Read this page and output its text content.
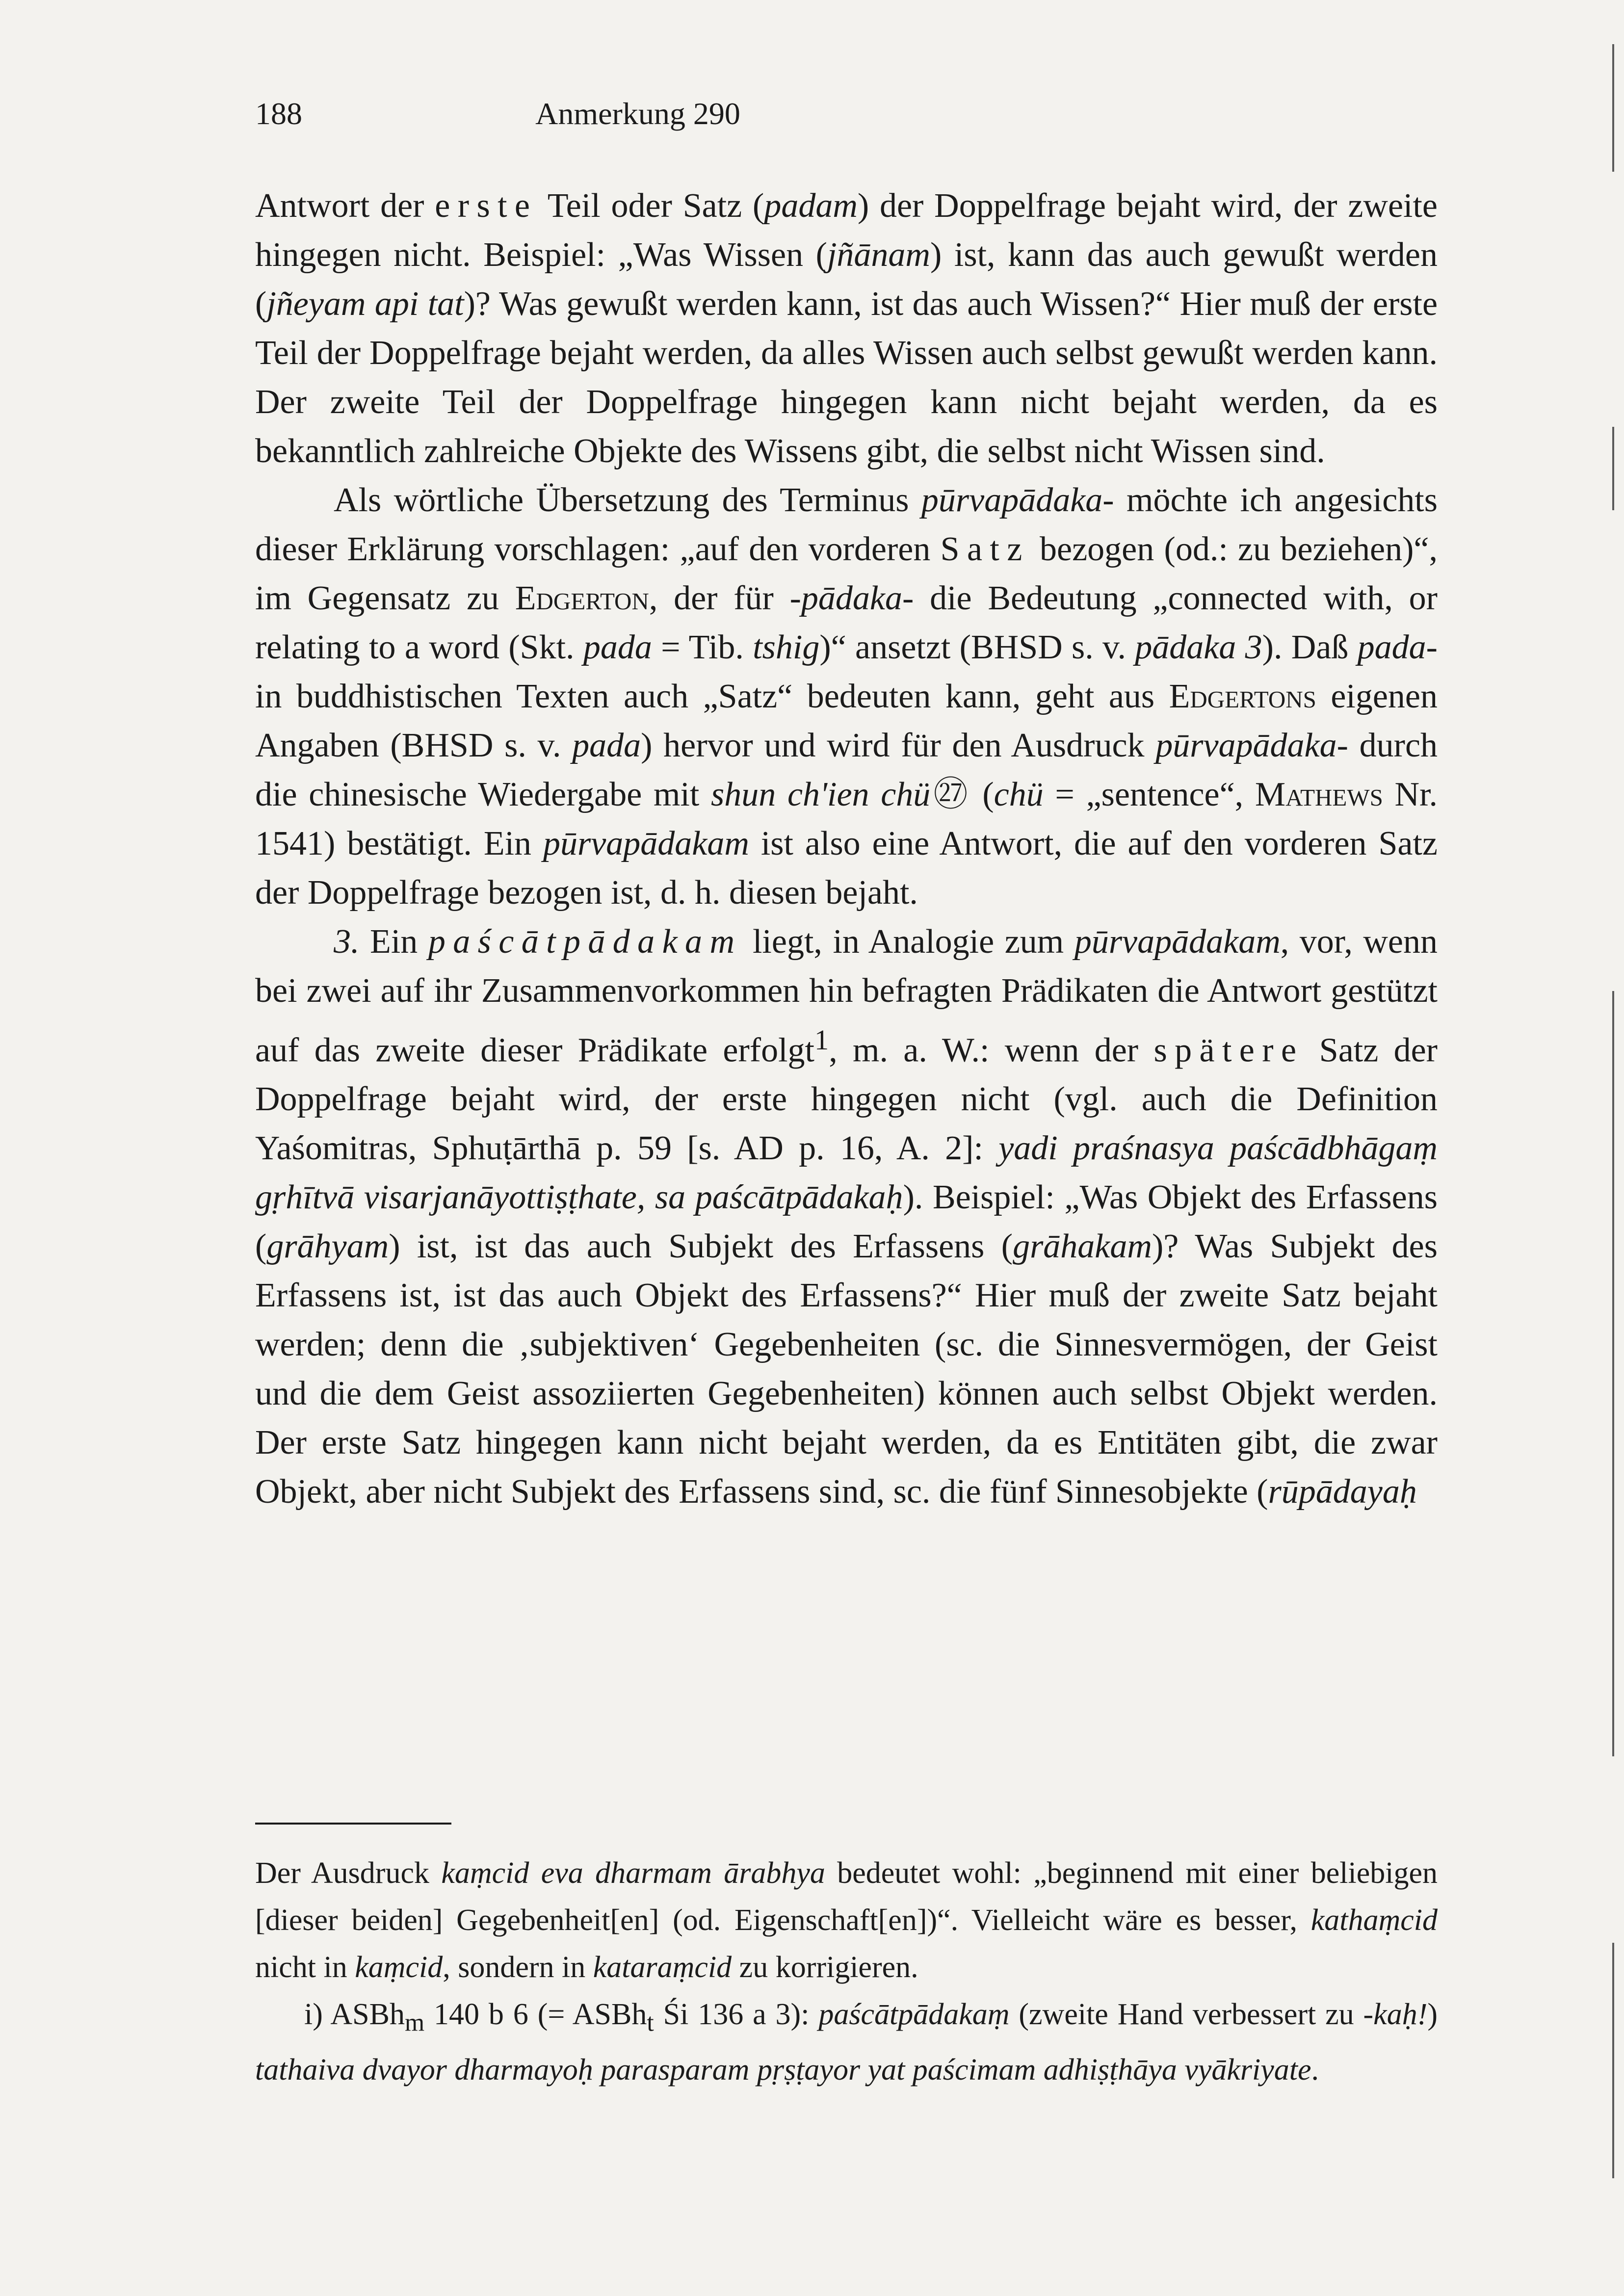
188	Anmerkung 290

Antwort der erste Teil oder Satz (padam) der Doppelfrage bejaht wird, der zweite hingegen nicht. Beispiel: „Was Wissen (jñānam) ist, kann das auch gewußt werden (jñeyam api tat)? Was gewußt werden kann, ist das auch Wissen?“ Hier muß der erste Teil der Doppelfrage bejaht werden, da alles Wissen auch selbst gewußt werden kann. Der zweite Teil der Doppelfrage hingegen kann nicht bejaht werden, da es bekanntlich zahlreiche Objekte des Wissens gibt, die selbst nicht Wissen sind.

Als wörtliche Übersetzung des Terminus pūrvapādaka- möchte ich angesichts dieser Erklärung vorschlagen: „auf den vorderen Satz bezogen (od.: zu beziehen)“, im Gegensatz zu Edgerton, der für -pādaka- die Bedeutung „connected with, or relating to a word (Skt. pada = Tib. tshig)“ ansetzt (BHSD s. v. pādaka 3). Daß pada- in buddhistischen Texten auch „Satz“ bedeuten kann, geht aus Edgertons eigenen Angaben (BHSD s. v. pada) hervor und wird für den Ausdruck pūrvapādaka- durch die chinesische Wiedergabe mit shun ch'ien chü㉗ (chü = „sentence“, Mathews Nr. 1541) bestätigt. Ein pūrvapādakam ist also eine Antwort, die auf den vorderen Satz der Doppelfrage bezogen ist, d. h. diesen bejaht.

3. Ein paścātpādakam liegt, in Analogie zum pūrvapādakam, vor, wenn bei zwei auf ihr Zusammenvorkommen hin befragten Prädikaten die Antwort gestützt auf das zweite dieser Prädikate erfolgt$^1$, m. a. W.: wenn der spätere Satz der Doppelfrage bejaht wird, der erste hingegen nicht (vgl. auch die Definition Yaśomitras, Sphuṭārthā p. 59 [s. AD p. 16, A. 2]: yadi praśnasya paścādbhāgaṃ gṛhītvā visarjanāyottiṣṭhate, sa paścātpādakaḥ). Beispiel: „Was Objekt des Erfassens (grāhyam) ist, ist das auch Subjekt des Erfassens (grāhakam)? Was Subjekt des Erfassens ist, ist das auch Objekt des Erfassens?“ Hier muß der zweite Satz bejaht werden; denn die ‚subjektiven‘ Gegebenheiten (sc. die Sinnesvermögen, der Geist und die dem Geist assoziierten Gegebenheiten) können auch selbst Objekt werden. Der erste Satz hingegen kann nicht bejaht werden, da es Entitäten gibt, die zwar Objekt, aber nicht Subjekt des Erfassens sind, sc. die fünf Sinnesobjekte (rūpādayaḥ

Der Ausdruck kaṃcid eva dharmam ārabhya bedeutet wohl: „beginnend mit einer beliebigen [dieser beiden] Gegebenheit[en] (od. Eigenschaft[en])“. Vielleicht wäre es besser, kathaṃcid nicht in kaṃcid, sondern in kataraṃcid zu korrigieren.

i) ASBh$_m$ 140 b 6 (= ASBh$_t$ Śi 136 a 3): paścātpādakaṃ (zweite Hand verbessert zu -kaḥ!) tathaiva dvayor dharmayoḥ parasparam pṛṣṭayor yat paścimam adhiṣṭhāya vyākriyate.
